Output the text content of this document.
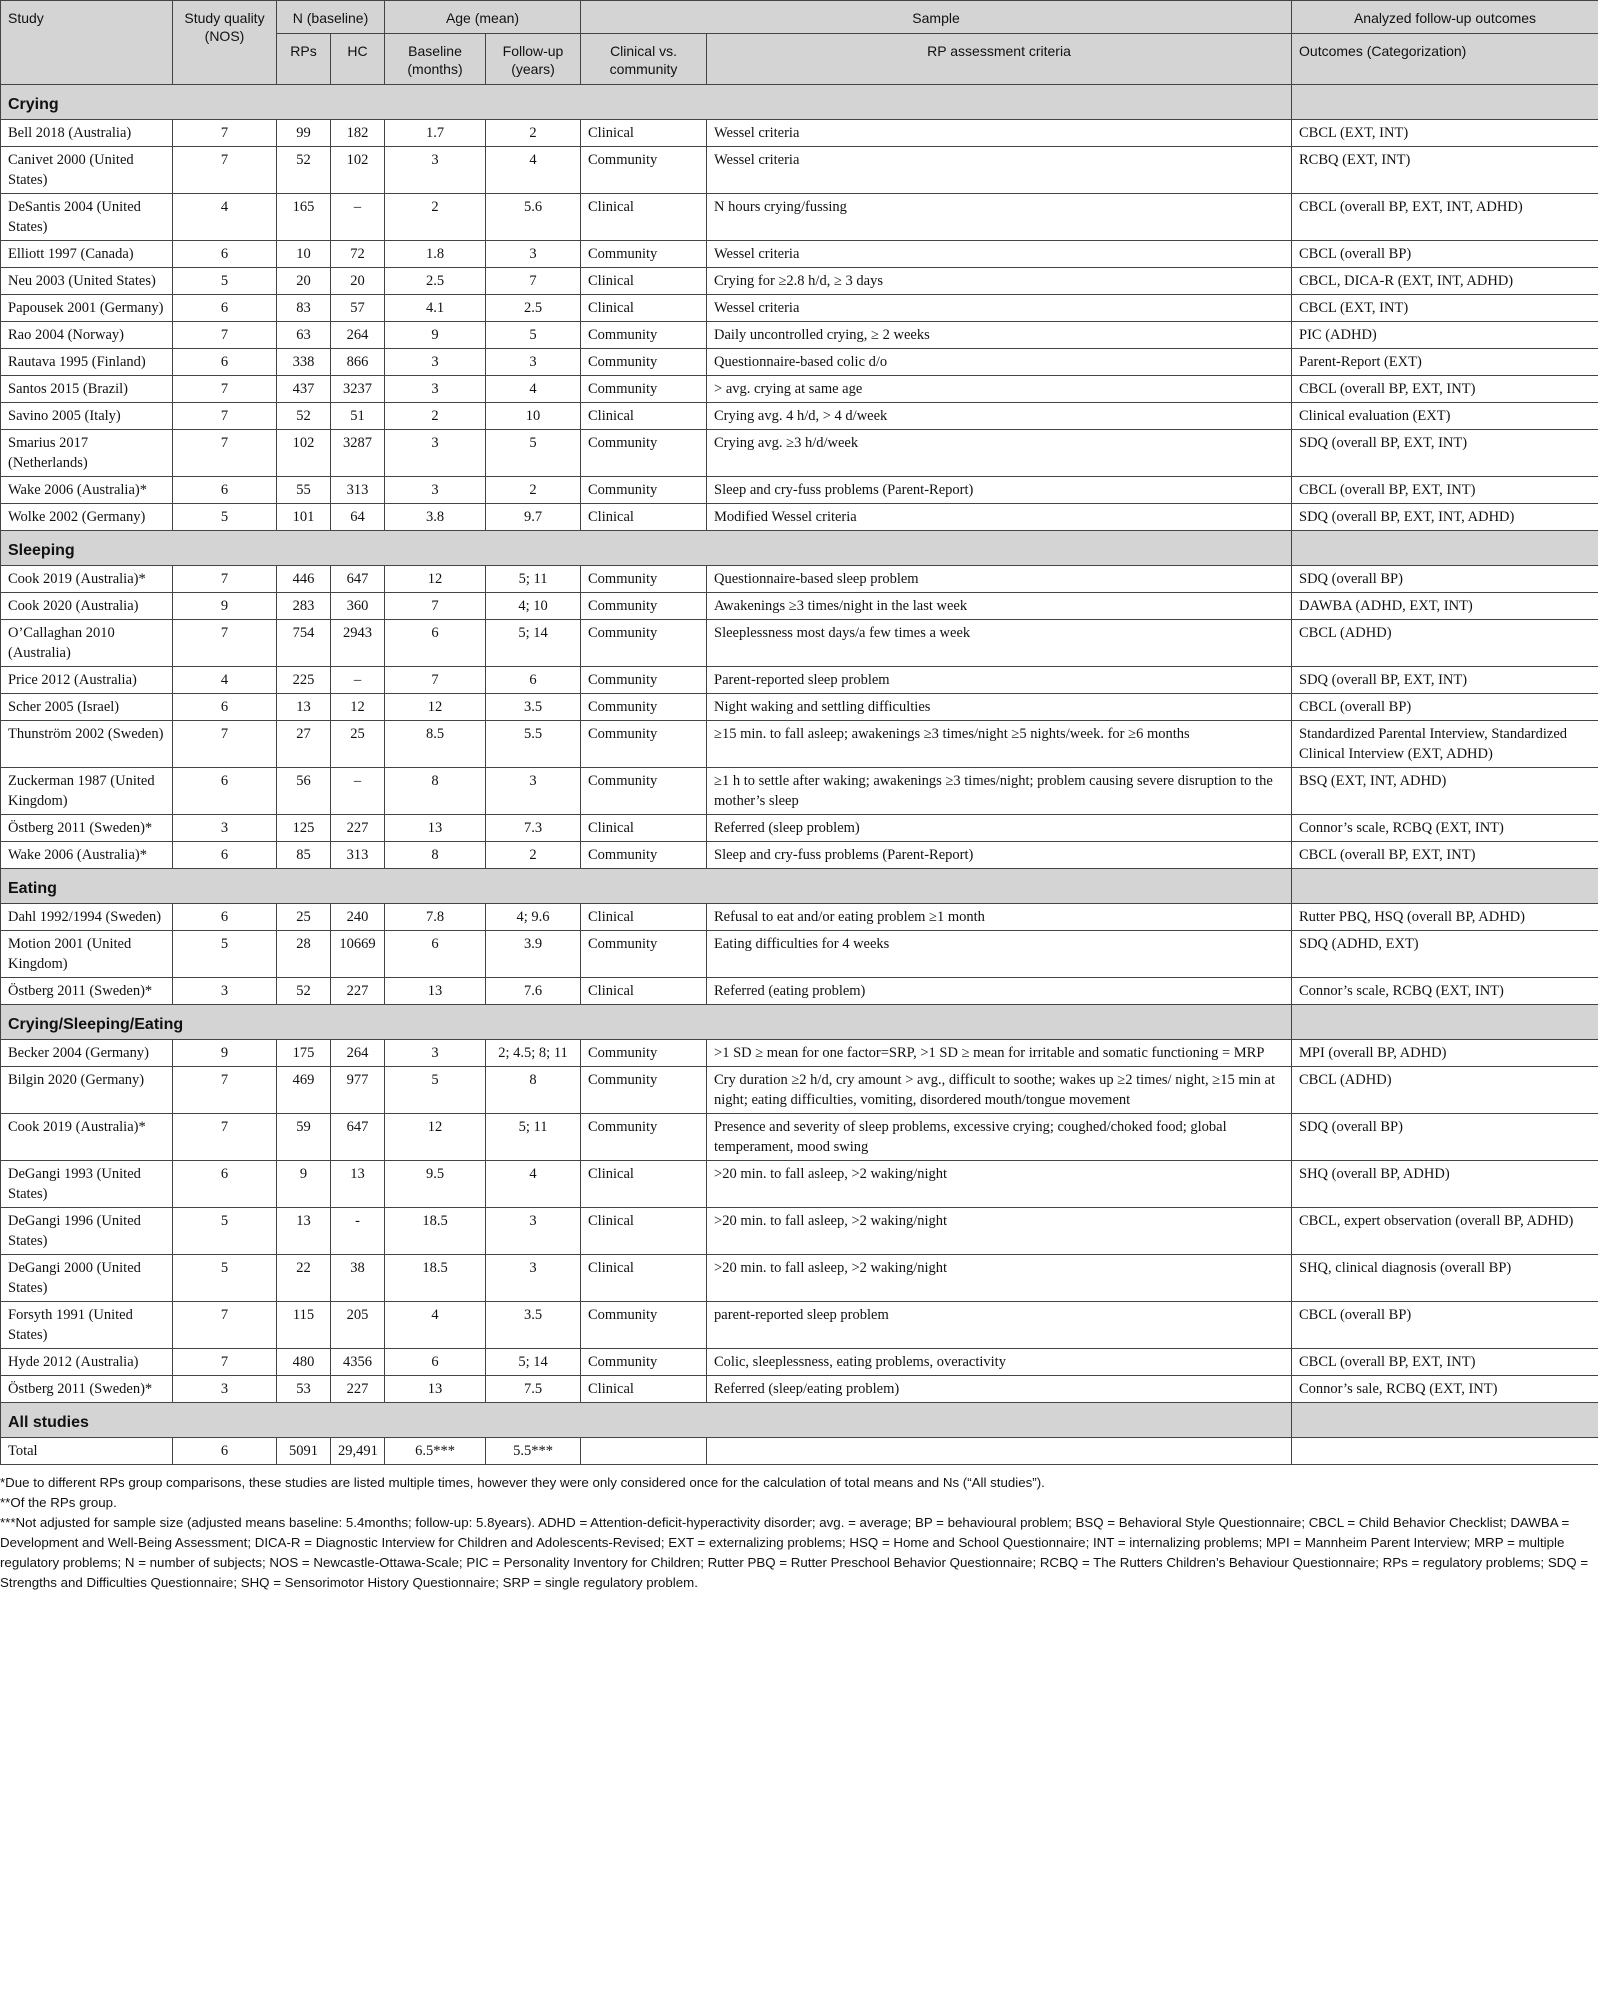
Study	Study quality (NOS)	N (baseline)		Age (mean)		Sample		Analyzed follow-up outcomes
		RPs	HC	Baseline (months)	Follow-up (years)	Clinical vs. community	RP assessment criteria	Outcomes (Categorization)
Crying								
Bell 2018 (Australia)	7	99	182	1.7	2	Clinical	Wessel criteria	CBCL (EXT, INT)
Canivet 2000 (United States)	7	52	102	3	4	Community	Wessel criteria	RCBQ (EXT, INT)
DeSantis 2004 (United States)	4	165	–	2	5.6	Clinical	N hours crying/fussing	CBCL (overall BP, EXT, INT, ADHD)
Elliott 1997 (Canada)	6	10	72	1.8	3	Community	Wessel criteria	CBCL (overall BP)
Neu 2003 (United States)	5	20	20	2.5	7	Clinical	Crying for ≥2.8 h/d, ≥ 3 days	CBCL, DICA-R (EXT, INT, ADHD)
Papousek 2001 (Germany)	6	83	57	4.1	2.5	Clinical	Wessel criteria	CBCL (EXT, INT)
Rao 2004 (Norway)	7	63	264	9	5	Community	Daily uncontrolled crying, ≥ 2 weeks	PIC (ADHD)
Rautava 1995 (Finland)	6	338	866	3	3	Community	Questionnaire-based colic d/o	Parent-Report (EXT)
Santos 2015 (Brazil)	7	437	3237	3	4	Community	> avg. crying at same age	CBCL (overall BP, EXT, INT)
Savino 2005 (Italy)	7	52	51	2	10	Clinical	Crying avg. 4 h/d, > 4 d/week	Clinical evaluation (EXT)
Smarius 2017 (Netherlands)	7	102	3287	3	5	Community	Crying avg. ≥3 h/d/week	SDQ (overall BP, EXT, INT)
Wake 2006 (Australia)*	6	55	313	3	2	Community	Sleep and cry-fuss problems (Parent-Report)	CBCL (overall BP, EXT, INT)
Wolke 2002 (Germany)	5	101	64	3.8	9.7	Clinical	Modified Wessel criteria	SDQ (overall BP, EXT, INT, ADHD)
Sleeping								
Cook 2019 (Australia)*	7	446	647	12	5; 11	Community	Questionnaire-based sleep problem	SDQ (overall BP)
Cook 2020 (Australia)	9	283	360	7	4; 10	Community	Awakenings ≥3 times/night in the last week	DAWBA (ADHD, EXT, INT)
O’Callaghan 2010 (Australia)	7	754	2943	6	5; 14	Community	Sleeplessness most days/a few times a week	CBCL (ADHD)
Price 2012 (Australia)	4	225	–	7	6	Community	Parent-reported sleep problem	SDQ (overall BP, EXT, INT)
Scher 2005 (Israel)	6	13	12	12	3.5	Community	Night waking and settling difficulties	CBCL (overall BP)
Thunström 2002 (Sweden)	7	27	25	8.5	5.5	Community	≥15 min. to fall asleep; awakenings ≥3 times/night ≥5 nights/week. for ≥6 months	Standardized Parental Interview, Standardized Clinical Interview (EXT, ADHD)
Zuckerman 1987 (United Kingdom)	6	56	–	8	3	Community	≥1 h to settle after waking; awakenings ≥3 times/night; problem causing severe disruption to the mother’s sleep	BSQ (EXT, INT, ADHD)
Östberg 2011 (Sweden)*	3	125	227	13	7.3	Clinical	Referred (sleep problem)	Connor’s scale, RCBQ (EXT, INT)
Wake 2006 (Australia)*	6	85	313	8	2	Community	Sleep and cry-fuss problems (Parent-Report)	CBCL (overall BP, EXT, INT)
Eating								
Dahl 1992/1994 (Sweden)	6	25	240	7.8	4; 9.6	Clinical	Refusal to eat and/or eating problem ≥1 month	Rutter PBQ, HSQ (overall BP, ADHD)
Motion 2001 (United Kingdom)	5	28	10669	6	3.9	Community	Eating difficulties for 4 weeks	SDQ (ADHD, EXT)
Östberg 2011 (Sweden)*	3	52	227	13	7.6	Clinical	Referred (eating problem)	Connor’s scale, RCBQ (EXT, INT)
Crying/Sleeping/Eating								
Becker 2004 (Germany)	9	175	264	3	2; 4.5; 8; 11	Community	>1 SD ≥ mean for one factor=SRP, >1 SD ≥ mean for irritable and somatic functioning = MRP	MPI (overall BP, ADHD)
Bilgin 2020 (Germany)	7	469	977	5	8	Community	Cry duration ≥2 h/d, cry amount > avg., difficult to soothe; wakes up ≥2 times/ night, ≥15 min at night; eating difficulties, vomiting, disordered mouth/tongue movement	CBCL (ADHD)
Cook 2019 (Australia)*	7	59	647	12	5; 11	Community	Presence and severity of sleep problems, excessive crying; coughed/choked food; global temperament, mood swing	SDQ (overall BP)
DeGangi 1993 (United States)	6	9	13	9.5	4	Clinical	>20 min. to fall asleep, >2 waking/night	SHQ (overall BP, ADHD)
DeGangi 1996 (United States)	5	13	-	18.5	3	Clinical	>20 min. to fall asleep, >2 waking/night	CBCL, expert observation (overall BP, ADHD)
DeGangi 2000 (United States)	5	22	38	18.5	3	Clinical	>20 min. to fall asleep, >2 waking/night	SHQ, clinical diagnosis (overall BP)
Forsyth 1991 (United States)	7	115	205	4	3.5	Community	parent-reported sleep problem	CBCL (overall BP)
Hyde 2012 (Australia)	7	480	4356	6	5; 14	Community	Colic, sleeplessness, eating problems, overactivity	CBCL (overall BP, EXT, INT)
Östberg 2011 (Sweden)*	3	53	227	13	7.5	Clinical	Referred (sleep/eating problem)	Connor’s sale, RCBQ (EXT, INT)
All studies								
Total	6	5091	29,491	6.5***	5.5***			

*Due to different RPs group comparisons, these studies are listed multiple times, however they were only considered once for the calculation of total means and Ns (“All studies”).

**Of the RPs group.

***Not adjusted for sample size (adjusted means baseline: 5.4months; follow-up: 5.8years). ADHD = Attention-deficit-hyperactivity disorder; avg. = average; BP = behavioural problem; BSQ = Behavioral Style Questionnaire; CBCL = Child Behavior Checklist; DAWBA = Development and Well-Being Assessment; DICA-R = Diagnostic Interview for Children and Adolescents-Revised; EXT = externalizing problems; HSQ = Home and School Questionnaire; INT = internalizing problems; MPI = Mannheim Parent Interview; MRP = multiple regulatory problems; N = number of subjects; NOS = Newcastle-Ottawa-Scale; PIC = Personality Inventory for Children; Rutter PBQ = Rutter Preschool Behavior Questionnaire; RCBQ = The Rutters Children’s Behaviour Questionnaire; RPs = regulatory problems; SDQ = Strengths and Difficulties Questionnaire; SHQ = Sensorimotor History Questionnaire; SRP = single regulatory problem.
